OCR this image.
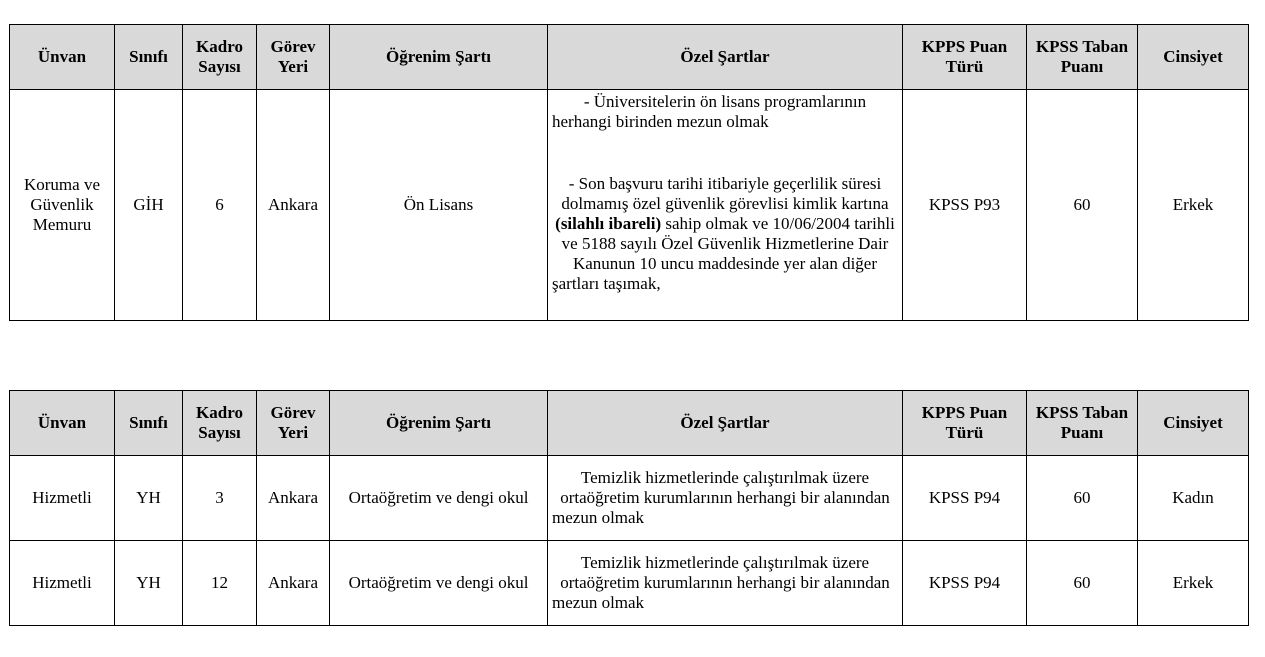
Ünvan	Sınıfı	Kadro Sayısı	Görev Yeri	Öğrenim Şartı	Özel Şartlar	KPPS Puan Türü	KPSS Taban Puanı	Cinsiyet
Koruma ve Güvenlik Memuru	GİH	6	Ankara	Ön Lisans	- Üniversitelerin ön lisans programlarının herhangi birinden mezun olmak

- Son başvuru tarihi itibariyle geçerlilik süresi dolmamış özel güvenlik görevlisi kimlik kartına (silahlı ibareli) sahip olmak ve 10/06/2004 tarihli ve 5188 sayılı Özel Güvenlik Hizmetlerine Dair Kanunun 10 uncu maddesinde yer alan diğer şartları taşımak,	KPSS P93	60	Erkek
Ünvan	Sınıfı	Kadro Sayısı	Görev Yeri	Öğrenim Şartı	Özel Şartlar	KPPS Puan Türü	KPSS Taban Puanı	Cinsiyet
Hizmetli	YH	3	Ankara	Ortaöğretim ve dengi okul	Temizlik hizmetlerinde çalıştırılmak üzere ortaöğretim kurumlarının herhangi bir alanından mezun olmak	KPSS P94	60	Kadın
Hizmetli	YH	12	Ankara	Ortaöğretim ve dengi okul	Temizlik hizmetlerinde çalıştırılmak üzere ortaöğretim kurumlarının herhangi bir alanından mezun olmak	KPSS P94	60	Erkek
